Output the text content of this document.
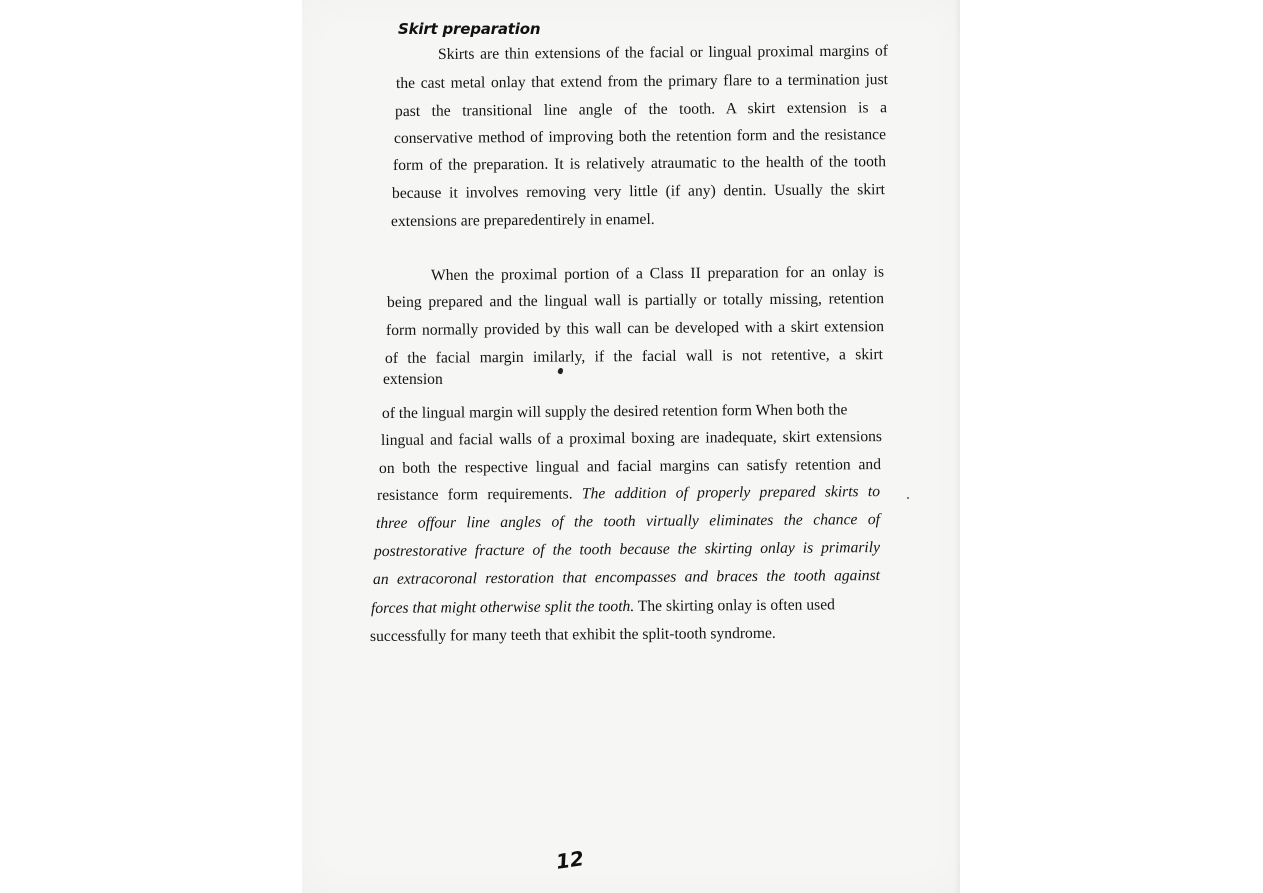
Skirt preparation
Skirts are thin extensions of the facial or lingual proximal margins of
the cast metal onlay that extend from the primary flare to a termination just
past the transitional line angle of the tooth. A skirt extension is a
conservative method of improving both the retention form and the resistance
form of the preparation. It is relatively atraumatic to the health of the tooth
because it involves removing very little (if any) dentin. Usually the skirt
extensions are preparedentirely in enamel.
When the proximal portion of a Class II preparation for an onlay is
being prepared and the lingual wall is partially or totally missing, retention
form normally provided by this wall can be developed with a skirt extension
of the facial margin imilarly, if the facial wall is not retentive, a skirt
extension
of the lingual margin will supply the desired retention form When both the
lingual and facial walls of a proximal boxing are inadequate, skirt extensions
on both the respective lingual and facial margins can satisfy retention and
resistance form requirements. The addition of properly prepared skirts to
three offour line angles of the tooth virtually eliminates the chance of
postrestorative fracture of the tooth because the skirting onlay is primarily
an extracoronal restoration that encompasses and braces the tooth against
forces that might otherwise split the tooth. The skirting onlay is often used
successfully for many teeth that exhibit the split-tooth syndrome.
12
